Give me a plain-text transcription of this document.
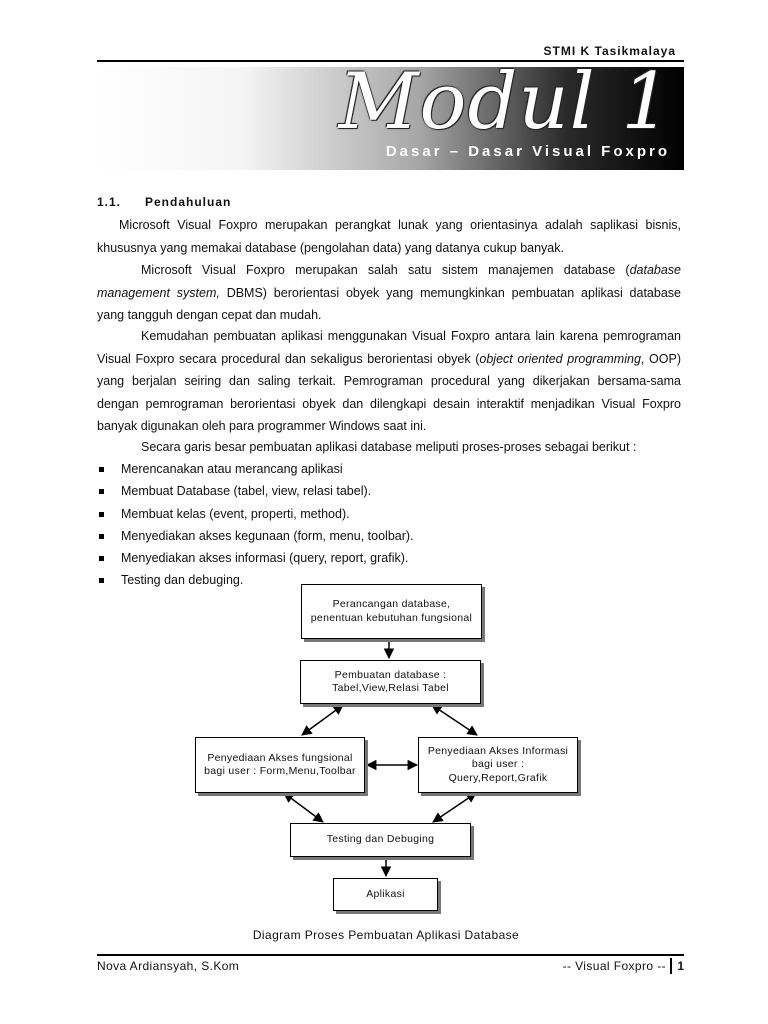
STMI K Tasikmalaya
Modul 1
Dasar – Dasar Visual Foxpro
1.1. Pendahuluan
Microsoft Visual Foxpro merupakan perangkat lunak yang orientasinya adalah saplikasi bisnis, khususnya yang memakai database (pengolahan data) yang datanya cukup banyak.
Microsoft Visual Foxpro merupakan salah satu sistem manajemen database (database management system, DBMS) berorientasi obyek yang memungkinkan pembuatan aplikasi database yang tangguh dengan cepat dan mudah.
Kemudahan pembuatan aplikasi menggunakan Visual Foxpro antara lain karena pemrograman Visual Foxpro secara procedural dan sekaligus berorientasi obyek (object oriented programming, OOP) yang berjalan seiring dan saling terkait. Pemrograman procedural yang dikerjakan bersama-sama dengan pemrograman berorientasi obyek dan dilengkapi desain interaktif menjadikan Visual Foxpro banyak digunakan oleh para programmer Windows saat ini.
Secara garis besar pembuatan aplikasi database meliputi proses-proses sebagai berikut :
Merencanakan atau merancang aplikasi
Membuat Database (tabel, view, relasi tabel).
Membuat kelas (event, properti, method).
Menyediakan akses kegunaan (form, menu, toolbar).
Menyediakan akses informasi (query, report, grafik).
Testing dan debuging.
Perancangan database, penentuan kebutuhan fungsional
Pembuatan database : Tabel,View,Relasi Tabel
Penyediaan Akses fungsional bagi user : Form,Menu,Toolbar
Penyediaan Akses Informasi bagi user : Query,Report,Grafik
Testing dan Debuging
Aplikasi
Diagram Proses Pembuatan Aplikasi Database
Nova Ardiansyah, S.Kom	-- Visual Foxpro -- 1
